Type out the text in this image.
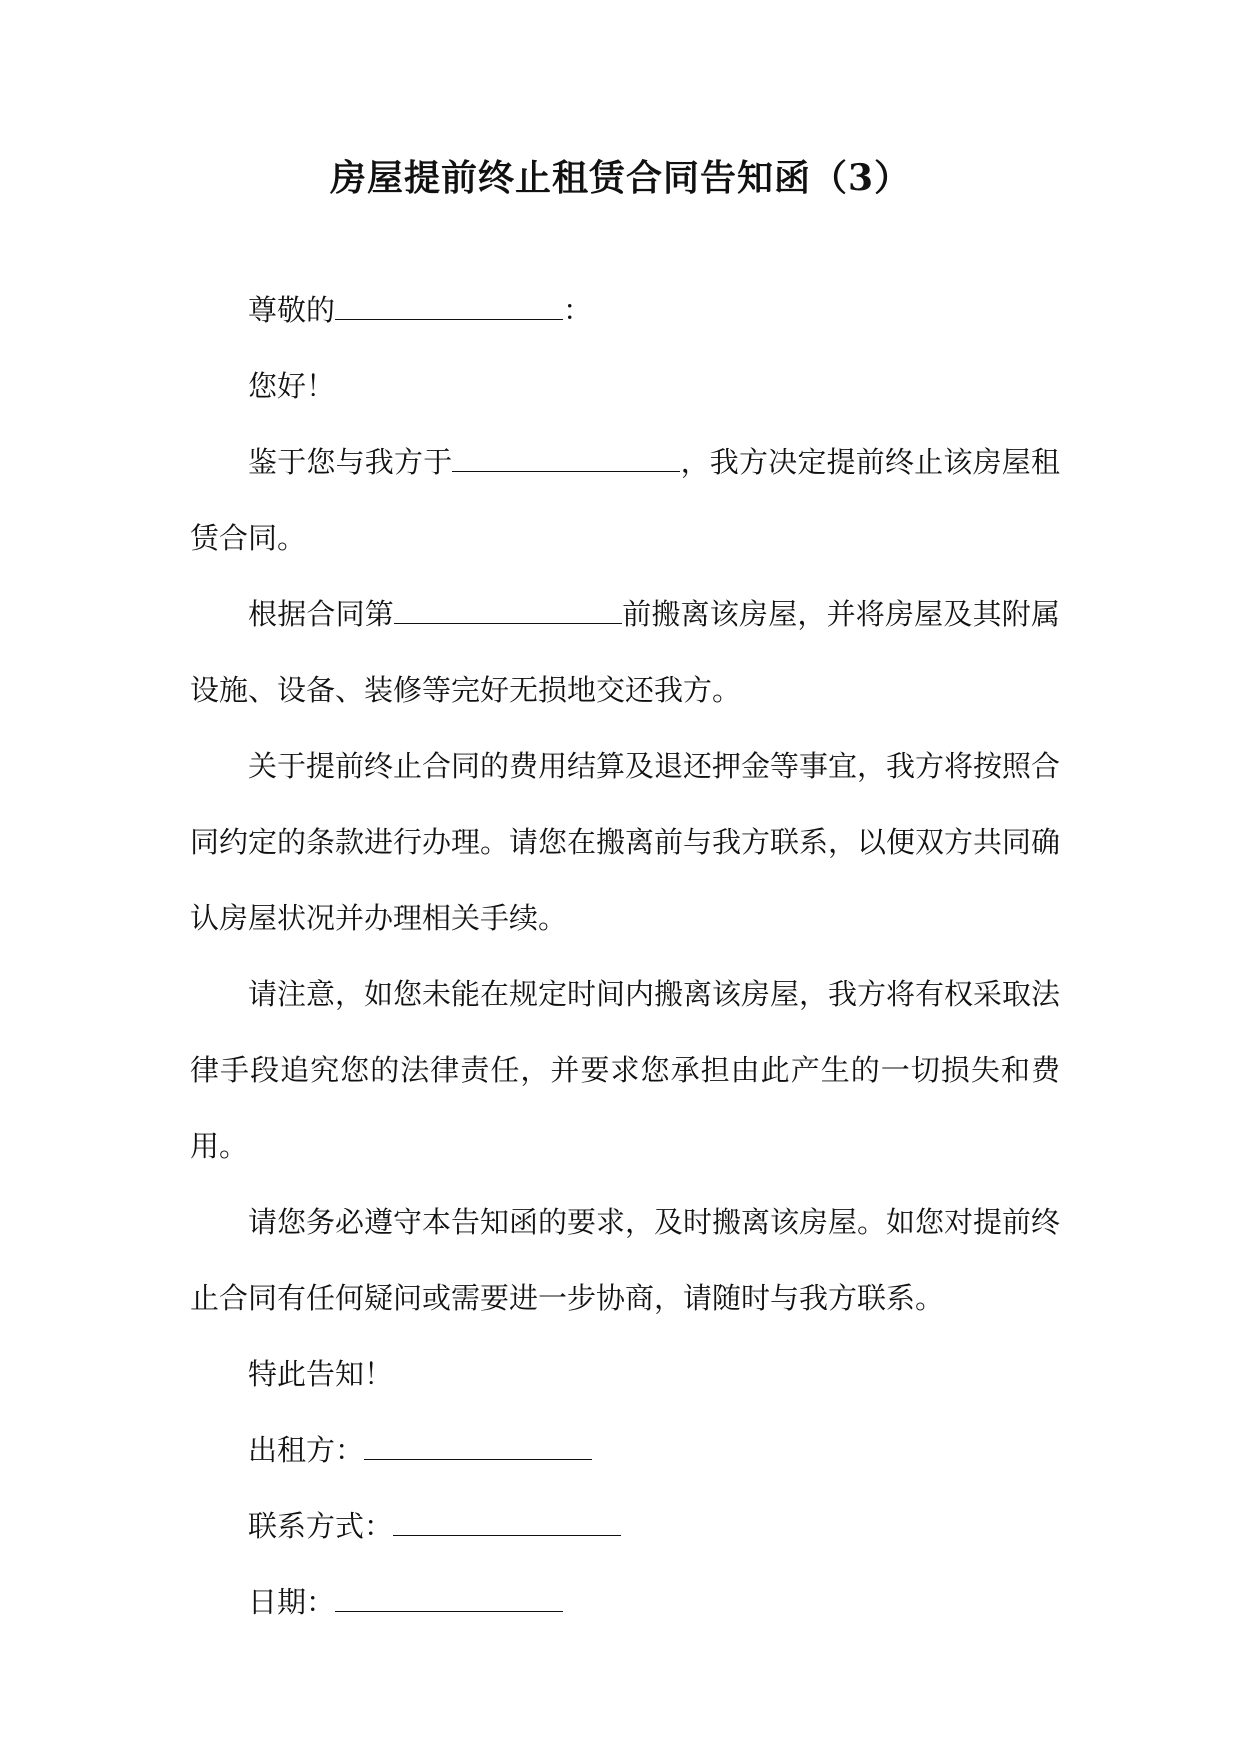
房屋提前终止租赁合同告知函（3）

尊敬的	：

您好！

鉴于您与我方于	，我方决定提前终止该房屋租赁合同。

根据合同第	前搬离该房屋，并将房屋及其附属设施、设备、装修等完好无损地交还我方。

关于提前终止合同的费用结算及退还押金等事宜，我方将按照合同约定的条款进行办理。请您在搬离前与我方联系，以便双方共同确认房屋状况并办理相关手续。

请注意，如您未能在规定时间内搬离该房屋，我方将有权采取法律手段追究您的法律责任，并要求您承担由此产生的一切损失和费用。

请您务必遵守本告知函的要求，及时搬离该房屋。如您对提前终止合同有任何疑问或需要进一步协商，请随时与我方联系。

特此告知！

出租方：

联系方式：

日期：
